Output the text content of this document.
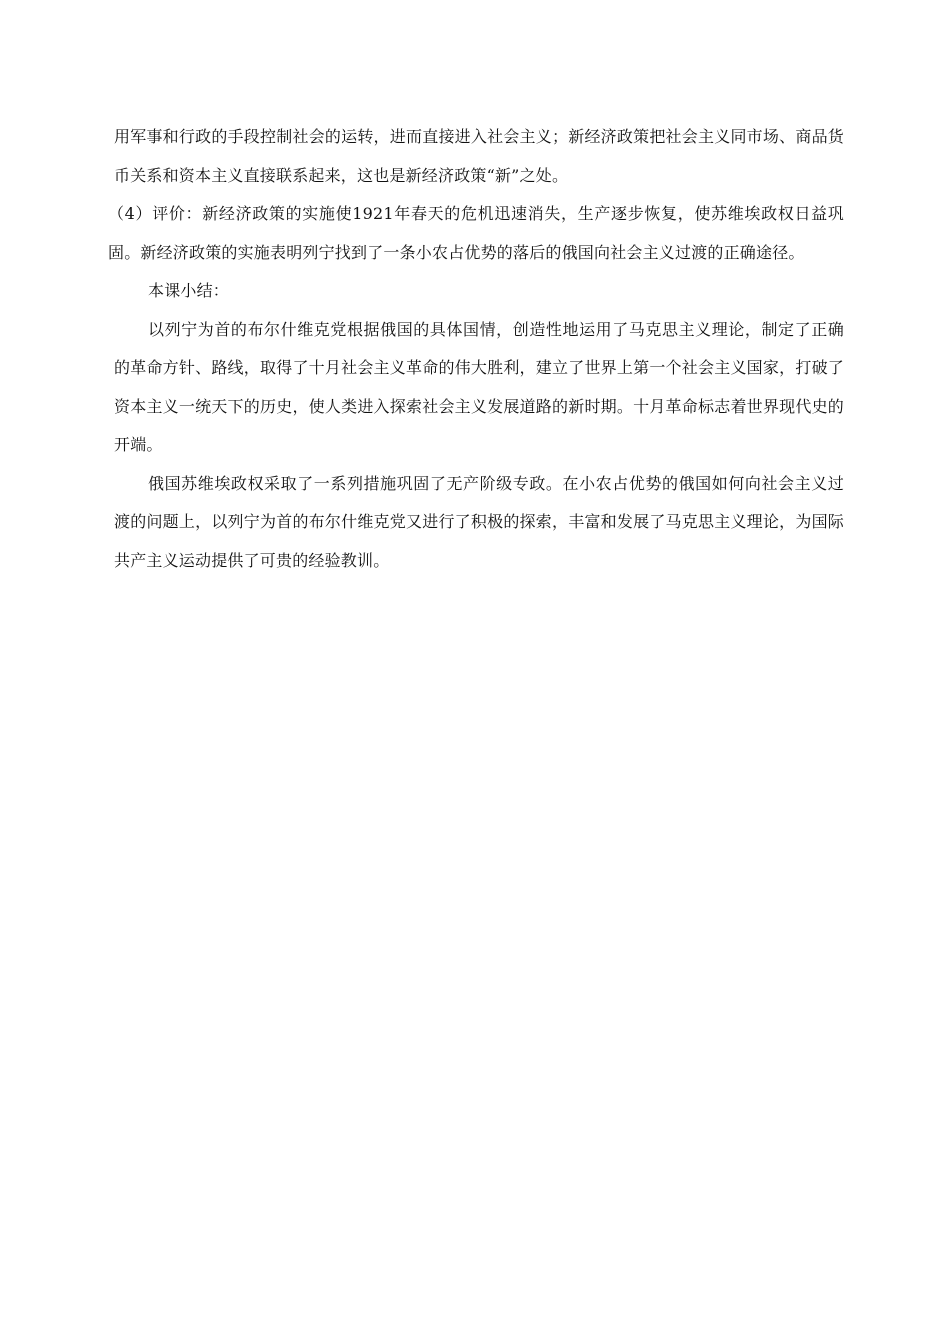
用军事和行政的手段控制社会的运转，进而直接进入社会主义；新经济政策把社会主义同市场、商品货币关系和资本主义直接联系起来，这也是新经济政策“新”之处。

（4）评价：新经济政策的实施使1921年春天的危机迅速消失，生产逐步恢复，使苏维埃政权日益巩固。新经济政策的实施表明列宁找到了一条小农占优势的落后的俄国向社会主义过渡的正确途径。

本课小结：

以列宁为首的布尔什维克党根据俄国的具体国情，创造性地运用了马克思主义理论，制定了正确的革命方针、路线，取得了十月社会主义革命的伟大胜利，建立了世界上第一个社会主义国家，打破了资本主义一统天下的历史，使人类进入探索社会主义发展道路的新时期。十月革命标志着世界现代史的开端。

俄国苏维埃政权采取了一系列措施巩固了无产阶级专政。在小农占优势的俄国如何向社会主义过渡的问题上，以列宁为首的布尔什维克党又进行了积极的探索，丰富和发展了马克思主义理论，为国际共产主义运动提供了可贵的经验教训。
